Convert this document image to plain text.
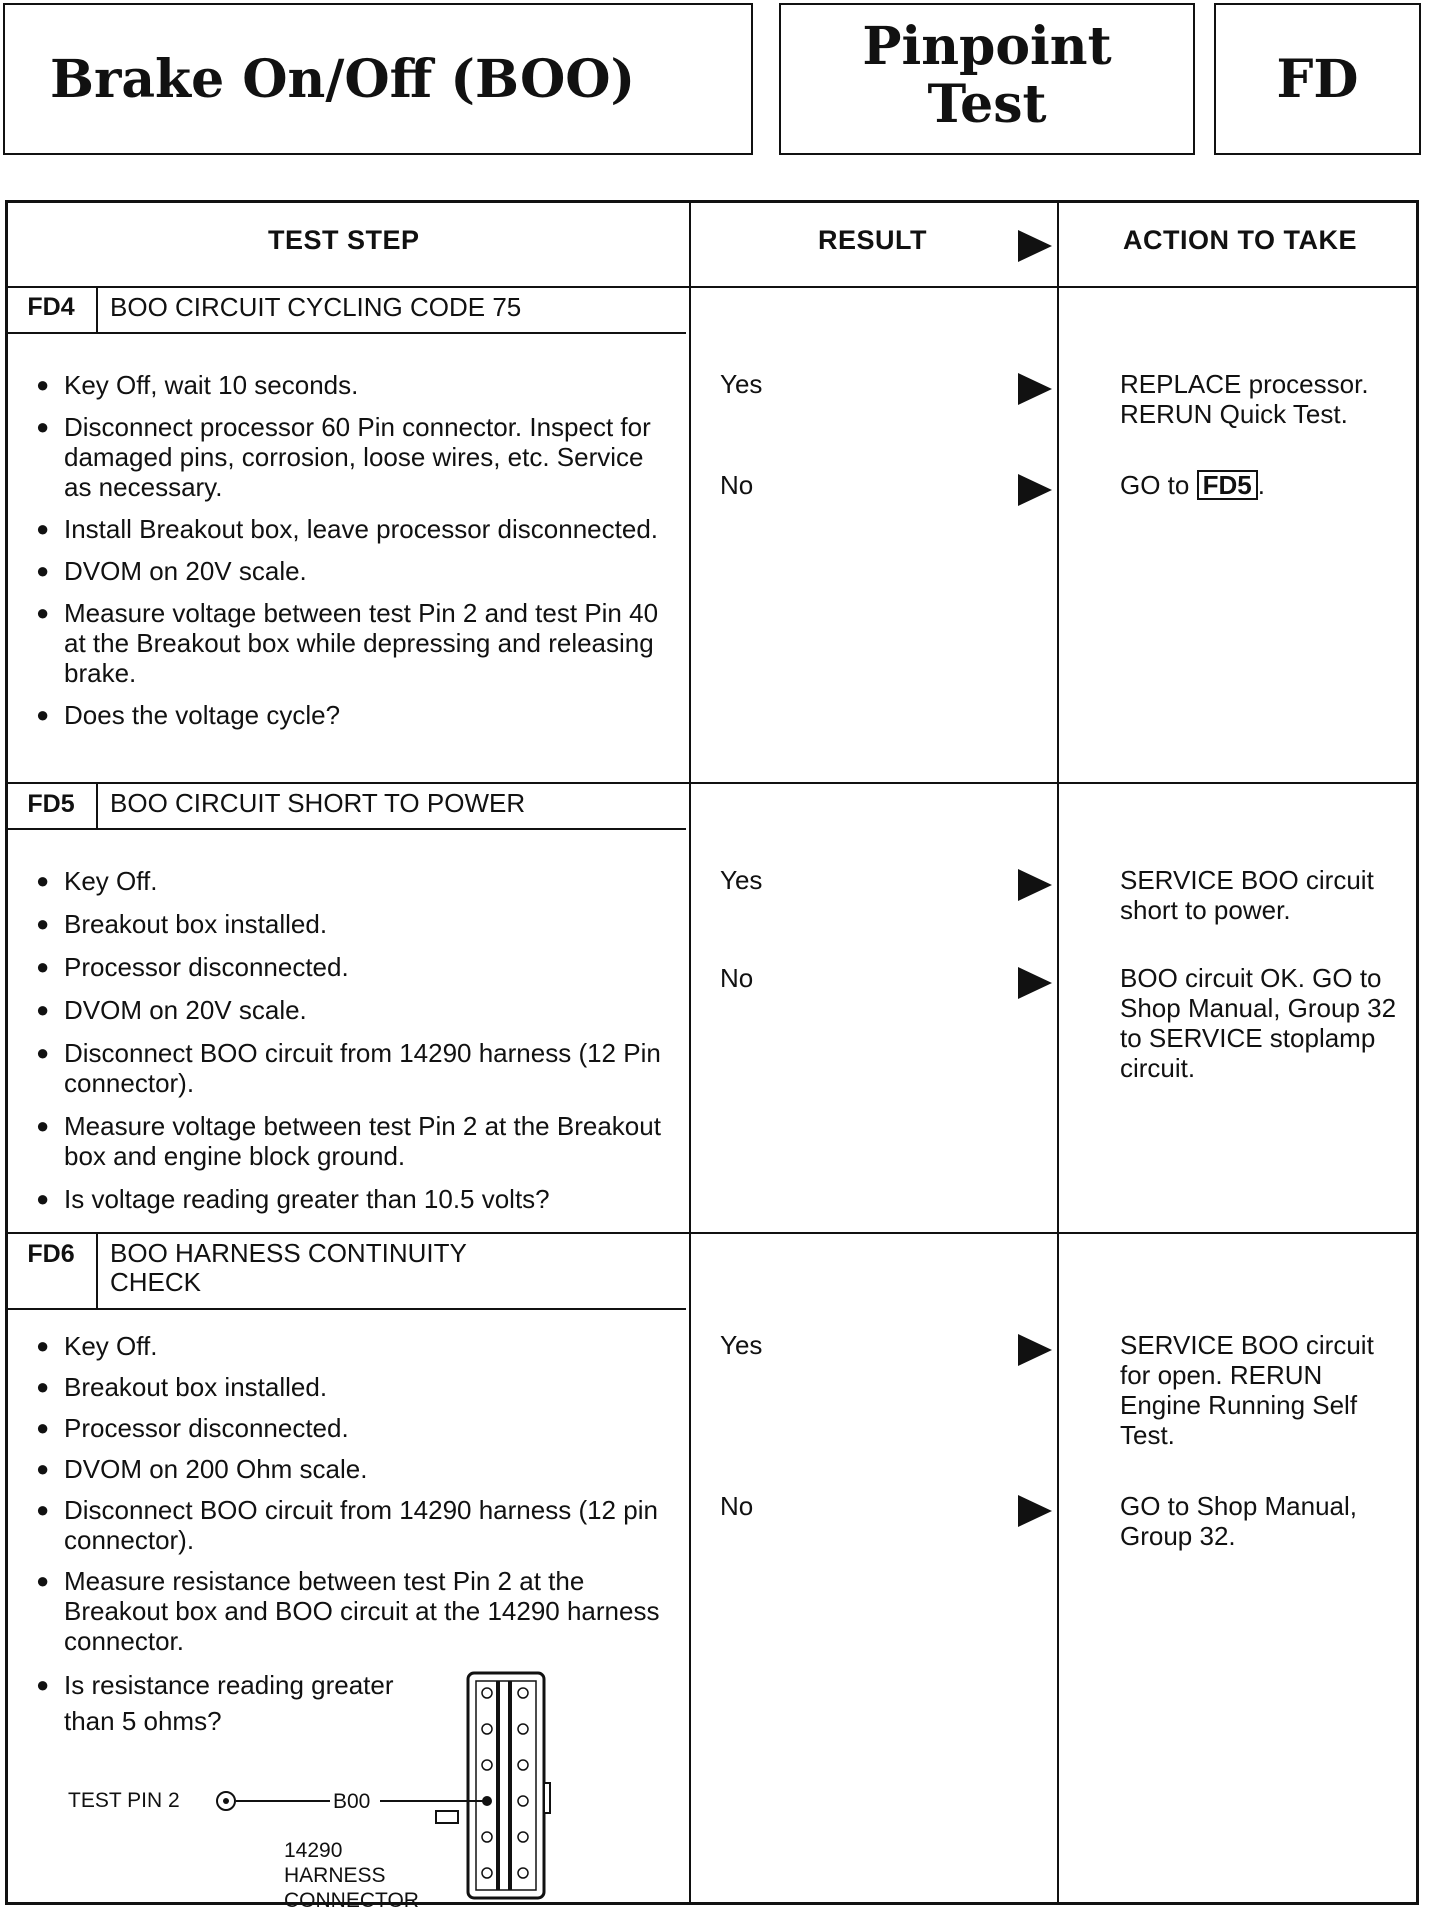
Brake On/Off (BOO)
Pinpoint
Test	FD
TEST STEP	RESULT	ACTION TO TAKE
FD4	BOO CIRCUIT CYCLING CODE 75
● Key Off, wait 10 seconds.
● Disconnect processor 60 Pin connector. Inspect for damaged pins, corrosion, loose wires, etc. Service as necessary.
● Install Breakout box, leave processor disconnected.
● DVOM on 20V scale.
● Measure voltage between test Pin 2 and test Pin 40 at the Breakout box while depressing and releasing brake.
● Does the voltage cycle?
Yes	REPLACE processor. RERUN Quick Test.
No	GO to FD5 .
FD5	BOO CIRCUIT SHORT TO POWER
● Key Off.
● Breakout box installed.
● Processor disconnected.
● DVOM on 20V scale.
● Disconnect BOO circuit from 14290 harness (12 Pin connector).
● Measure voltage between test Pin 2 at the Breakout box and engine block ground.
● Is voltage reading greater than 10.5 volts?
Yes	SERVICE BOO circuit short to power.
No	BOO circuit OK. GO to Shop Manual, Group 32 to SERVICE stoplamp circuit.
FD6	BOO HARNESS CONTINUITY
CHECK
● Key Off.
● Breakout box installed.
● Processor disconnected.
● DVOM on 200 Ohm scale.
● Disconnect BOO circuit from 14290 harness (12 pin connector).
● Measure resistance between test Pin 2 at the Breakout box and BOO circuit at the 14290 harness connector.
● Is resistance reading greater than 5 ohms?
Yes	SERVICE BOO circuit for open. RERUN Engine Running Self Test.
No	GO to Shop Manual, Group 32.
TEST PIN 2	B00
14290
HARNESS
CONNECTOR
